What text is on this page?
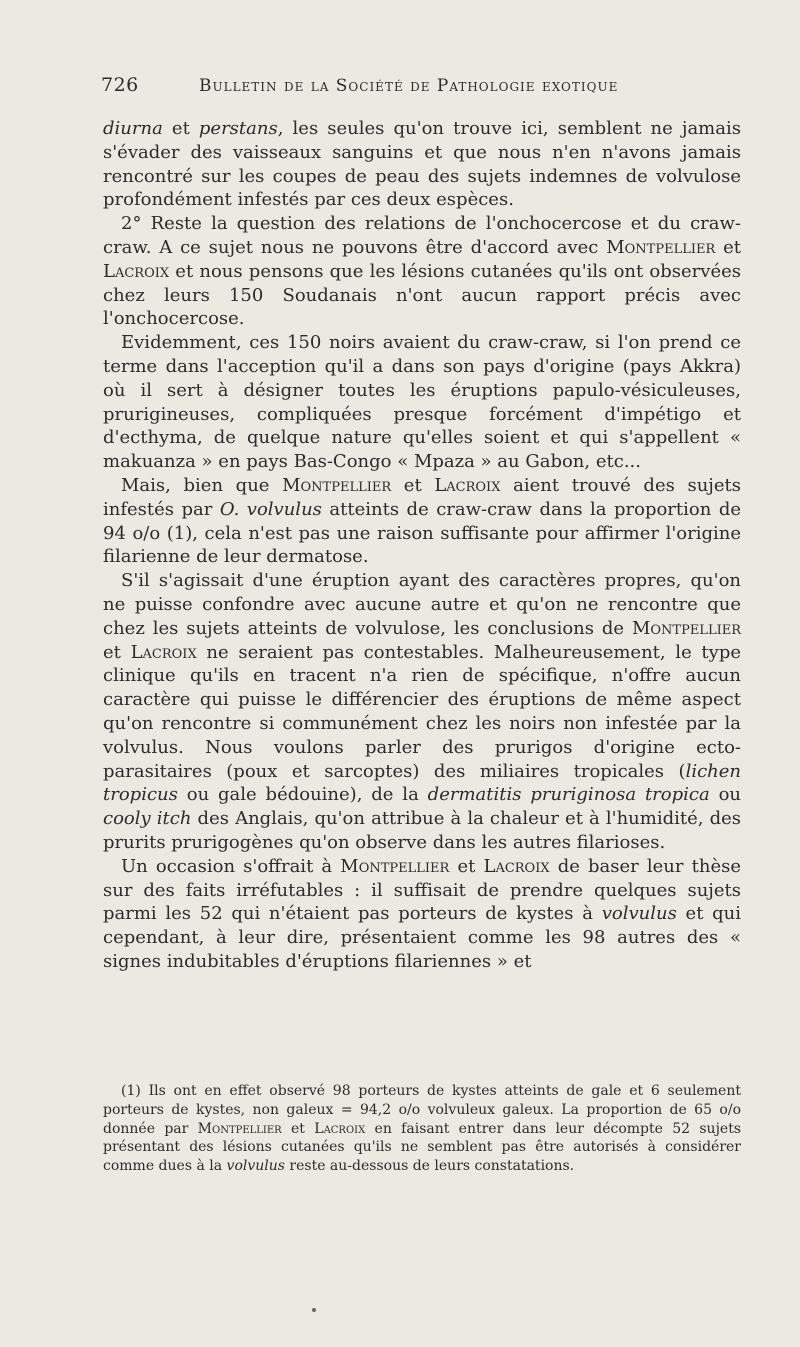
726	Bulletin de la Société de Pathologie exotique

diurna et perstans, les seules qu'on trouve ici, semblent ne jamais s'évader des vaisseaux sanguins et que nous n'en n'avons jamais rencontré sur les coupes de peau des sujets indemnes de volvulose profondément infestés par ces deux espèces.

2° Reste la question des relations de l'onchocercose et du craw-craw. A ce sujet nous ne pouvons être d'accord avec Montpellier et Lacroix et nous pensons que les lésions cutanées qu'ils ont observées chez leurs 150 Soudanais n'ont aucun rapport précis avec l'onchocercose.

Evidemment, ces 150 noirs avaient du craw-craw, si l'on prend ce terme dans l'acception qu'il a dans son pays d'origine (pays Akkra) où il sert à désigner toutes les éruptions papulo-vésiculeuses, prurigineuses, compliquées presque forcément d'impétigo et d'ecthyma, de quelque nature qu'elles soient et qui s'appellent « makuanza » en pays Bas-Congo « Mpaza » au Gabon, etc...

Mais, bien que Montpellier et Lacroix aient trouvé des sujets infestés par O. volvulus atteints de craw-craw dans la proportion de 94 o/o (1), cela n'est pas une raison suffisante pour affirmer l'origine filarienne de leur dermatose.

S'il s'agissait d'une éruption ayant des caractères propres, qu'on ne puisse confondre avec aucune autre et qu'on ne rencontre que chez les sujets atteints de volvulose, les conclusions de Montpellier et Lacroix ne seraient pas contestables. Malheureusement, le type clinique qu'ils en tracent n'a rien de spécifique, n'offre aucun caractère qui puisse le différencier des éruptions de même aspect qu'on rencontre si communément chez les noirs non infestée par la volvulus. Nous voulons parler des prurigos d'origine ecto-parasitaires (poux et sarcoptes) des miliaires tropicales (lichen tropicus ou gale bédouine), de la dermatitis pruriginosa tropica ou cooly itch des Anglais, qu'on attribue à la chaleur et à l'humidité, des prurits prurigogènes qu'on observe dans les autres filarioses.

Un occasion s'offrait à Montpellier et Lacroix de baser leur thèse sur des faits irréfutables : il suffisait de prendre quelques sujets parmi les 52 qui n'étaient pas porteurs de kystes à volvulus et qui cependant, à leur dire, présentaient comme les 98 autres des « signes indubitables d'éruptions filariennes » et

(1) Ils ont en effet observé 98 porteurs de kystes atteints de gale et 6 seulement porteurs de kystes, non galeux = 94,2 o/o volvuleux galeux. La proportion de 65 o/o donnée par Montpellier et Lacroix en faisant entrer dans leur décompte 52 sujets présentant des lésions cutanées qu'ils ne semblent pas être autorisés à considérer comme dues à la volvulus reste au-dessous de leurs constatations.
